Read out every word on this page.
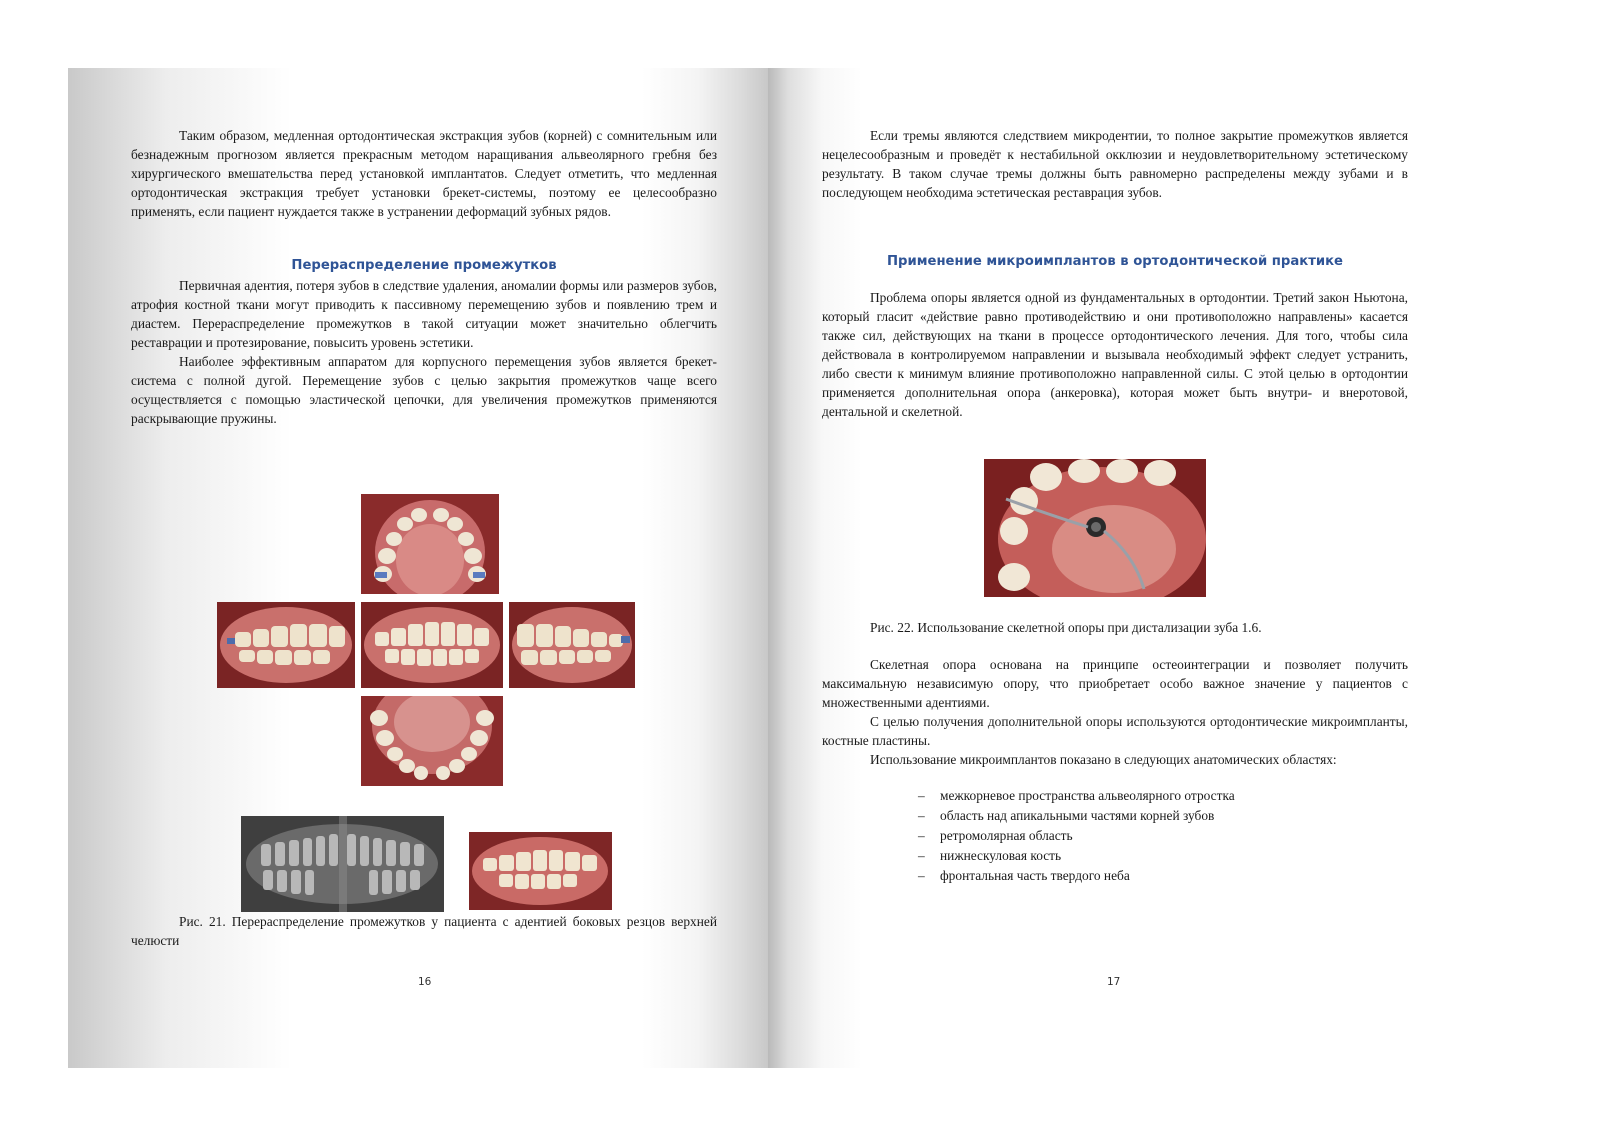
Таким образом, медленная ортодонтическая экстракция зубов (корней) с сомнительным или безнадежным прогнозом является прекрасным методом наращивания альвеолярного гребня без хирургического вмешательства перед установкой имплантатов. Следует отметить, что медленная ортодонтическая экстракция требует установки брекет-системы, поэтому ее целесообразно применять, если пациент нуждается также в устранении деформаций зубных рядов.

Перераспределение промежутков

Первичная адентия, потеря зубов в следствие удаления, аномалии формы или размеров зубов, атрофия костной ткани могут приводить к пассивному перемещению зубов и появлению трем и диастем. Перераспределение промежутков в такой ситуации может значительно облегчить реставрации и протезирование, повысить уровень эстетики.

Наиболее эффективным аппаратом для корпусного перемещения зубов является брекет-система с полной дугой. Перемещение зубов с целью закрытия промежутков чаще всего осуществляется с помощью эластической цепочки, для увеличения промежутков применяются раскрывающие пружины.

Рис. 21. Перераспределение промежутков у пациента с адентией боковых резцов верхней челюсти

16

Если тремы являются следствием микродентии, то полное закрытие промежутков является нецелесообразным и проведёт к нестабильной окклюзии и неудовлетворительному эстетическому результату. В таком случае тремы должны быть равномерно распределены между зубами и в последующем необходима эстетическая реставрация зубов.

Применение микроимплантов в ортодонтической практике

Проблема опоры является одной из фундаментальных в ортодонтии. Третий закон Ньютона, который гласит «действие равно противодействию и они противоположно направлены» касается также сил, действующих на ткани в процессе ортодонтического лечения. Для того, чтобы сила действовала в контролируемом направлении и вызывала необходимый эффект следует устранить, либо свести к минимум влияние противоположно направленной силы. С этой целью в ортодонтии применяется дополнительная опора (анкеровка), которая может быть внутри- и внеротовой, дентальной и скелетной.

Рис. 22. Использование скелетной опоры при дистализации зуба 1.6.

Скелетная опора основана на принципе остеоинтеграции и позволяет получить максимальную независимую опору, что приобретает особо важное значение у пациентов с множественными адентиями.

С целью получения дополнительной опоры используются ортодонтические микроимпланты, костные пластины.

Использование микроимплантов показано в следующих анатомических областях:

–	межкорневое пространства альвеолярного отростка
–	область над апикальными частями корней зубов
–	ретромолярная область
–	нижнескуловая кость
–	фронтальная часть твердого неба
17
